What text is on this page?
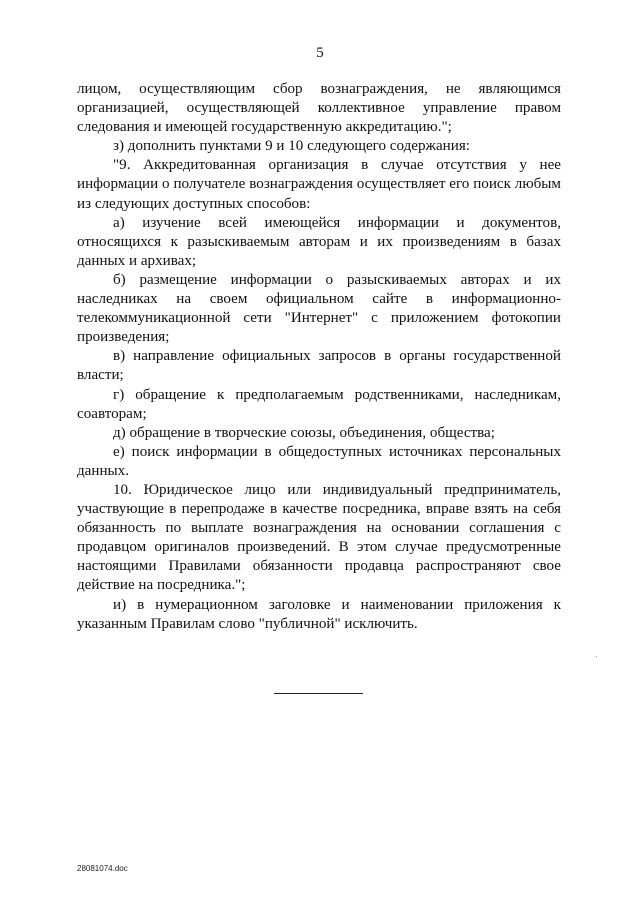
5

лицом, осуществляющим сбор вознаграждения, не являющимся организацией, осуществляющей коллективное управление правом следования и имеющей государственную аккредитацию.";

з) дополнить пунктами 9 и 10 следующего содержания:

"9. Аккредитованная организация в случае отсутствия у нее информации о получателе вознаграждения осуществляет его поиск любым из следующих доступных способов:

а) изучение всей имеющейся информации и документов, относящихся к разыскиваемым авторам и их произведениям в базах данных и архивах;

б) размещение информации о разыскиваемых авторах и их наследниках на своем официальном сайте в информационно-телекоммуникационной сети "Интернет" с приложением фотокопии произведения;

в) направление официальных запросов в органы государственной власти;

г) обращение к предполагаемым родственниками, наследникам, соавторам;

д) обращение в творческие союзы, объединения, общества;

е) поиск информации в общедоступных источниках персональных данных.

10. Юридическое лицо или индивидуальный предприниматель, участвующие в перепродаже в качестве посредника, вправе взять на себя обязанность по выплате вознаграждения на основании соглашения с продавцом оригиналов произведений. В этом случае предусмотренные настоящими Правилами обязанности продавца распространяют свое действие на посредника.";

и) в нумерационном заголовке и наименовании приложения к указанным Правилам слово "публичной" исключить.

28081074.doc
